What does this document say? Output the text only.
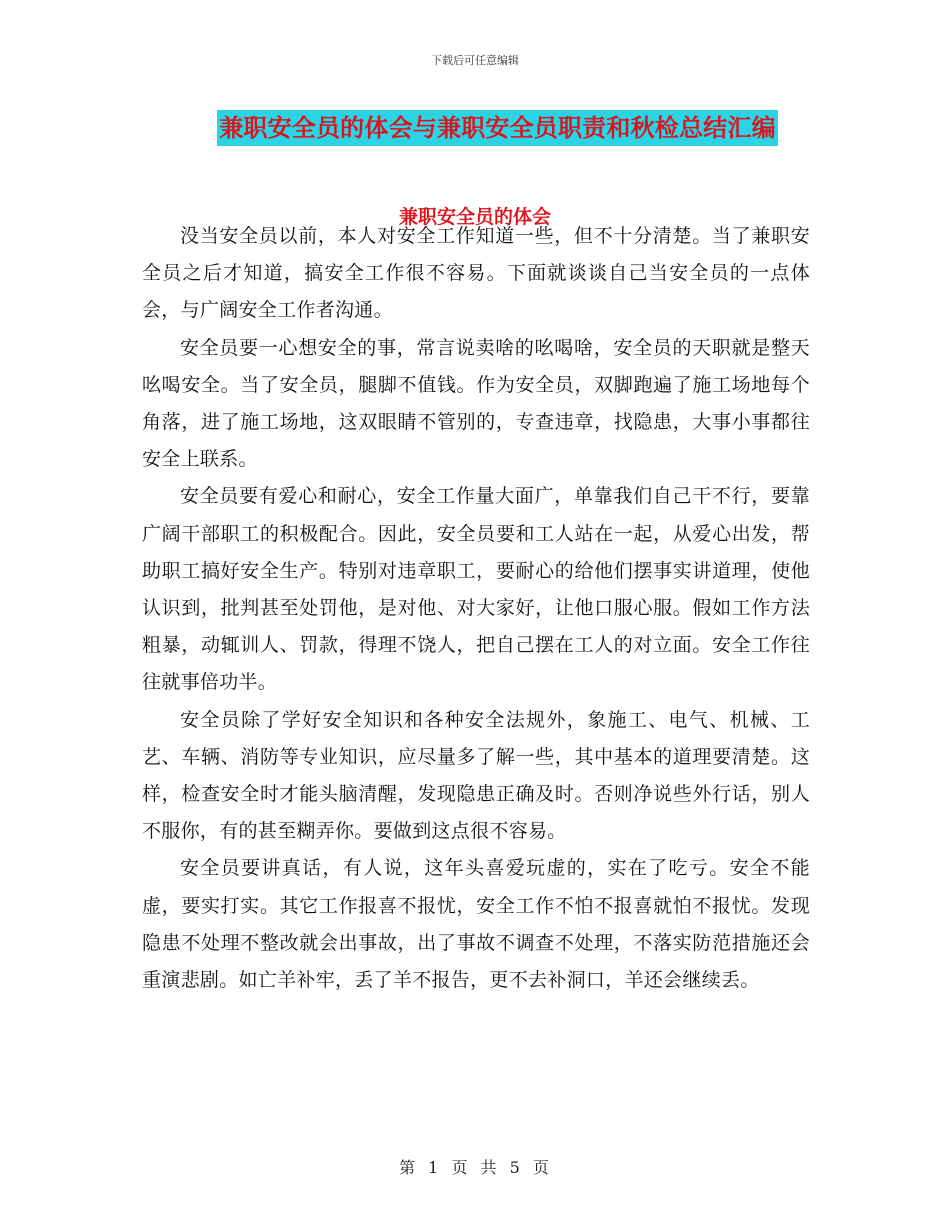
下载后可任意编辑
兼职安全员的体会与兼职安全员职责和秋检总结汇编
兼职安全员的体会

没当安全员以前，本人对安全工作知道一些，但不十分清楚。当了兼职安全员之后才知道，搞安全工作很不容易。下面就谈谈自己当安全员的一点体会，与广阔安全工作者沟通。

安全员要一心想安全的事，常言说卖啥的吆喝啥，安全员的天职就是整天吆喝安全。当了安全员，腿脚不值钱。作为安全员，双脚跑遍了施工场地每个角落，进了施工场地，这双眼睛不管别的，专查违章，找隐患，大事小事都往安全上联系。

安全员要有爱心和耐心，安全工作量大面广，单靠我们自己干不行，要靠广阔干部职工的积极配合。因此，安全员要和工人站在一起，从爱心出发，帮助职工搞好安全生产。特别对违章职工，要耐心的给他们摆事实讲道理，使他认识到，批判甚至处罚他，是对他、对大家好，让他口服心服。假如工作方法粗暴，动辄训人、罚款，得理不饶人，把自己摆在工人的对立面。安全工作往往就事倍功半。

安全员除了学好安全知识和各种安全法规外，象施工、电气、机械、工艺、车辆、消防等专业知识，应尽量多了解一些，其中基本的道理要清楚。这样，检查安全时才能头脑清醒，发现隐患正确及时。否则净说些外行话，别人不服你，有的甚至糊弄你。要做到这点很不容易。

安全员要讲真话，有人说，这年头喜爱玩虚的，实在了吃亏。安全不能虚，要实打实。其它工作报喜不报忧，安全工作不怕不报喜就怕不报忧。发现隐患不处理不整改就会出事故，出了事故不调查不处理，不落实防范措施还会重演悲剧。如亡羊补牢，丢了羊不报告，更不去补洞口，羊还会继续丢。

第 1 页 共 5 页
